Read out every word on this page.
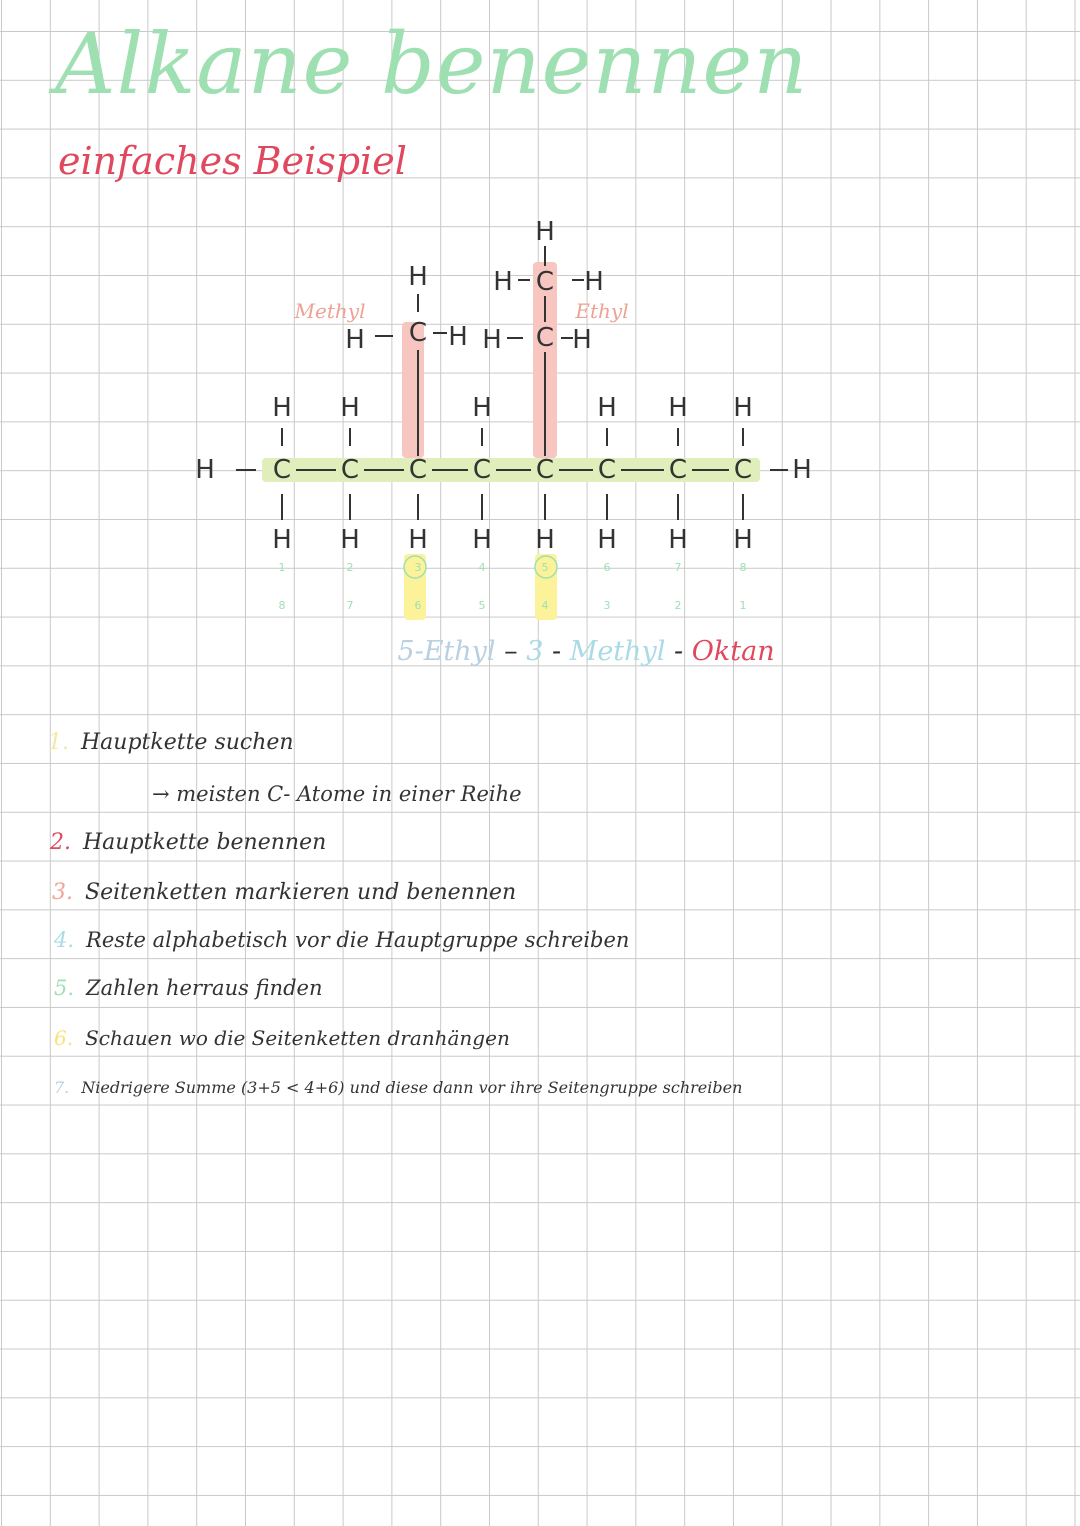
Alkane benennen
einfaches Beispiel
H	H
C C C C C C C C
H H	H	H H H
H H H H H H H H
C
H
H	H
Methyl
C
H	H
C
H	H
H
Ethyl
1
8
2
7
3
6
4
5
5
4
6
3
7
2
8
1
5-Ethyl – 3 - Methyl - Oktan
1. Hauptkette suchen
→ meisten C- Atome in einer Reihe
2. Hauptkette benennen
3. Seitenketten markieren und benennen
4. Reste alphabetisch vor die Hauptgruppe schreiben
5. Zahlen herraus finden
6. Schauen wo die Seitenketten dranhängen
7. Niedrigere Summe (3+5 < 4+6) und diese dann vor ihre Seitengruppe schreiben
